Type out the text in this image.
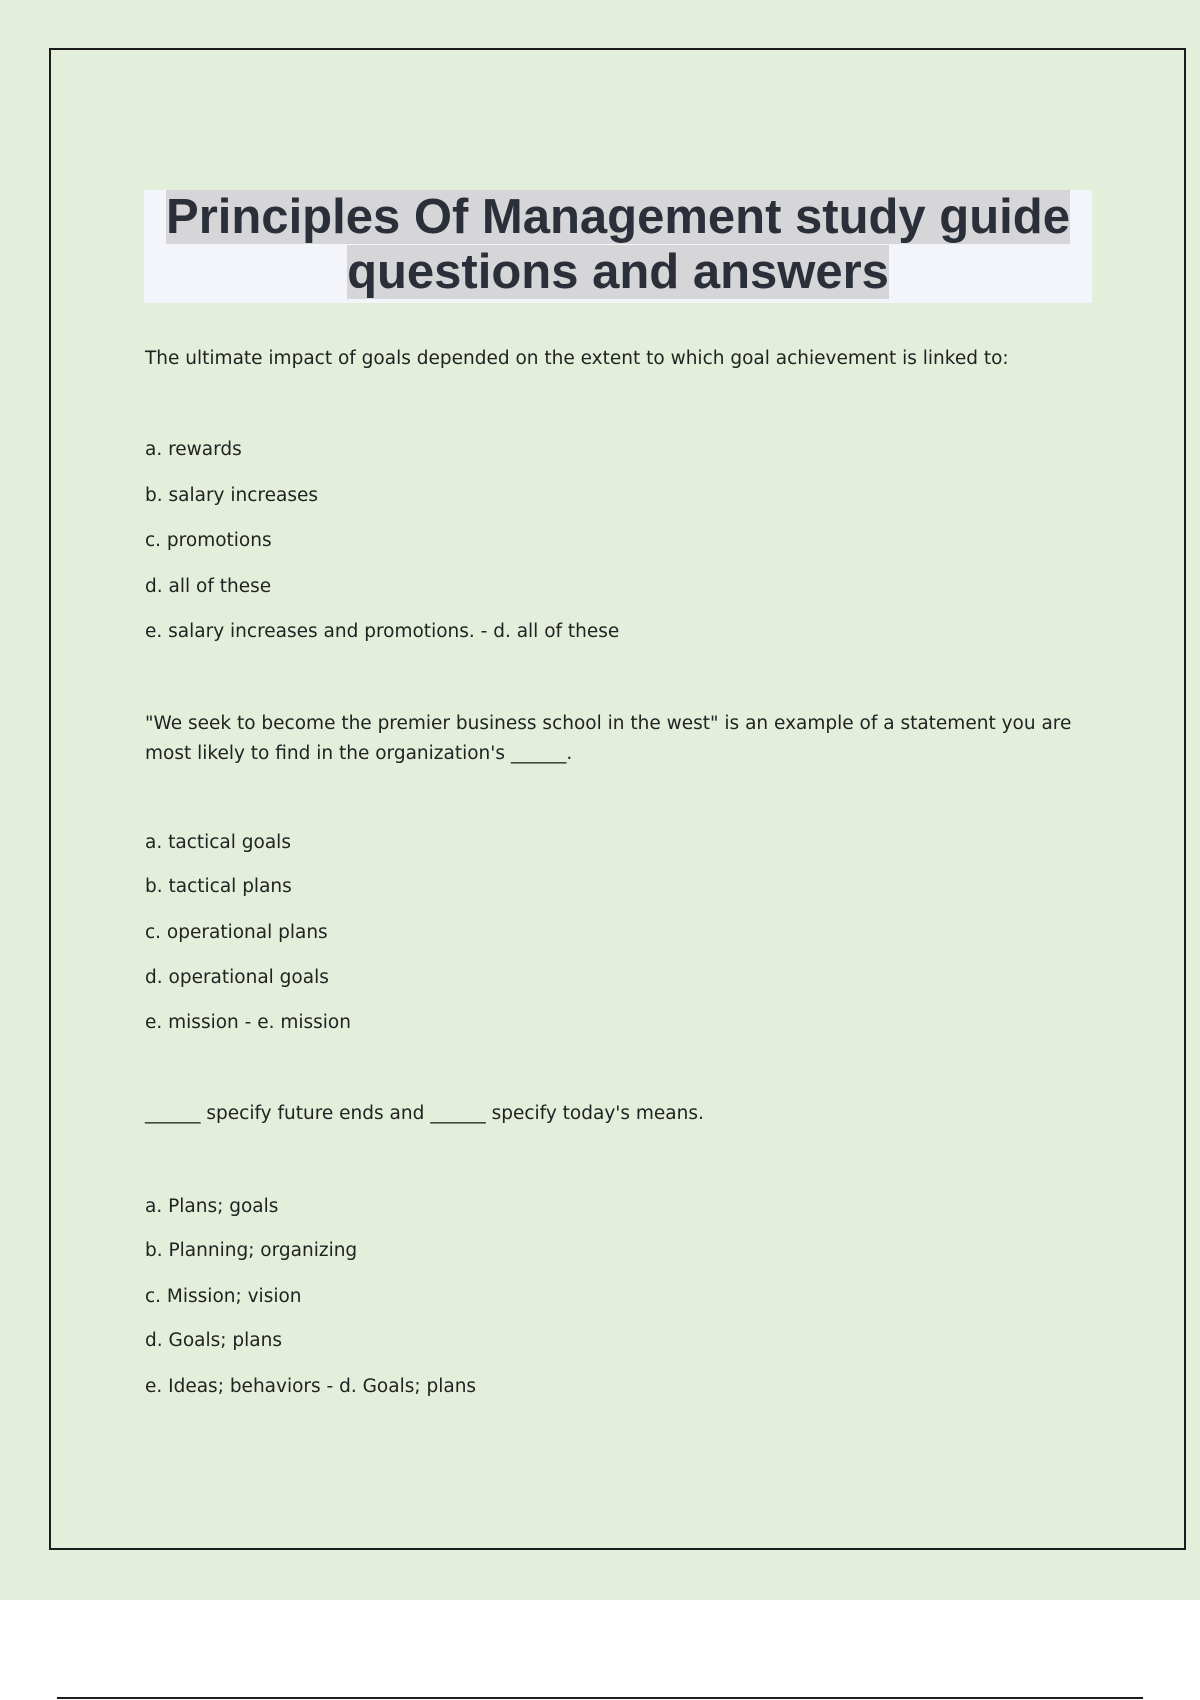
Principles Of Management study guide questions and answers
The ultimate impact of goals depended on the extent to which goal achievement is linked to:
a. rewards
b. salary increases
c. promotions
d. all of these
e. salary increases and promotions. - d. all of these
"We seek to become the premier business school in the west" is an example of a statement you are most likely to find in the organization's ______.
a. tactical goals
b. tactical plans
c. operational plans
d. operational goals
e. mission - e. mission
______ specify future ends and ______ specify today's means.
a. Plans; goals
b. Planning; organizing
c. Mission; vision
d. Goals; plans
e. Ideas; behaviors - d. Goals; plans
